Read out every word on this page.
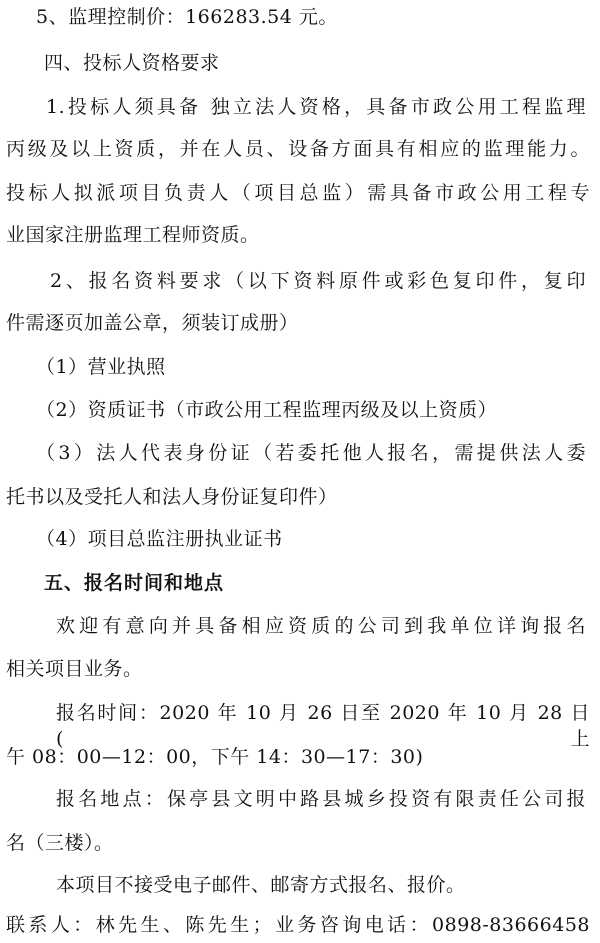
5、监理控制价：166283.54 元。
四、投标人资格要求
1.投标人须具备 独立法人资格，具备市政公用工程监理
丙级及以上资质，并在人员、设备方面具有相应的监理能力。
投标人拟派项目负责人（项目总监）需具备市政公用工程专
业国家注册监理工程师资质。
2、报名资料要求（以下资料原件或彩色复印件，复印
件需逐页加盖公章，须装订成册）
（1）营业执照
（2）资质证书（市政公用工程监理丙级及以上资质）
（3）法人代表身份证（若委托他人报名，需提供法人委
托书以及受托人和法人身份证复印件）
（4）项目总监注册执业证书
五、报名时间和地点
欢迎有意向并具备相应资质的公司到我单位详询报名
相关项目业务。
报名时间：2020 年 10 月 26 日至 2020 年 10 月 28 日(上
午 08：00—12：00，下午 14：30—17：30)
报名地点：保亭县文明中路县城乡投资有限责任公司报
名（三楼）。
本项目不接受电子邮件、邮寄方式报名、报价。
联系人：林先生、陈先生；业务咨询电话：0898-83666458
